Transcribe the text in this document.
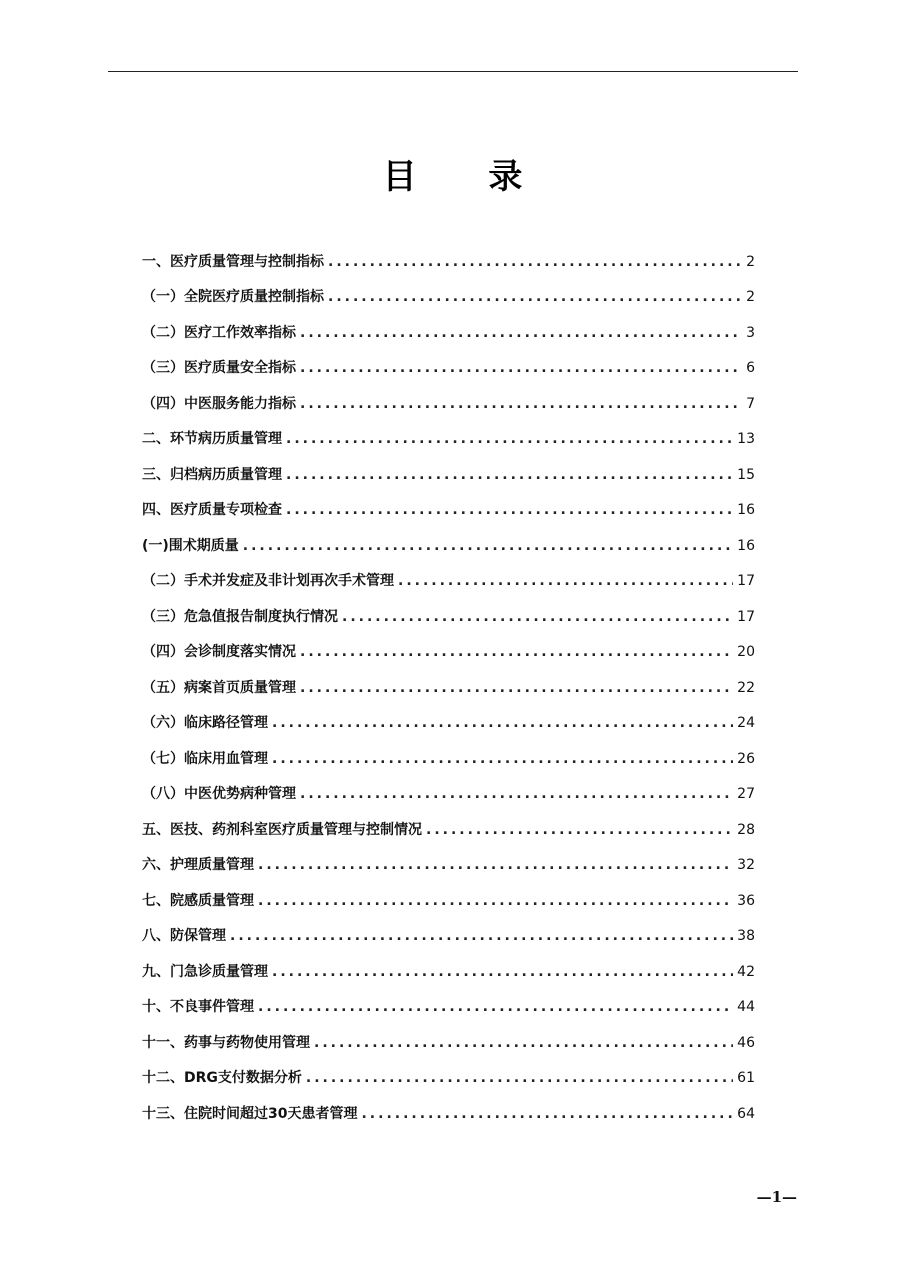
目 录
一、医疗质量管理与控制指标 .....	2
（一）全院医疗质量控制指标 .....	2
（二）医疗工作效率指标 .....	3
（三）医疗质量安全指标 .....	6
（四）中医服务能力指标 .....	7
二、环节病历质量管理 .....	13
三、归档病历质量管理 .....	15
四、医疗质量专项检查 .....	16
(一)围术期质量 .....	16
（二）手术并发症及非计划再次手术管理 .....	17
（三）危急值报告制度执行情况 .....	17
（四）会诊制度落实情况 .....	20
（五）病案首页质量管理 .....	22
（六）临床路径管理 .....	24
（七）临床用血管理 .....	26
（八）中医优势病种管理 .....	27
五、医技、药剂科室医疗质量管理与控制情况 .....	28
六、护理质量管理 .....	32
七、院感质量管理 .....	36
八、防保管理 .....	38
九、门急诊质量管理 .....	42
十、不良事件管理 .....	44
十一、药事与药物使用管理 .....	46
十二、DRG支付数据分析 .....	61
十三、住院时间超过30天患者管理 .....	64
—1—
